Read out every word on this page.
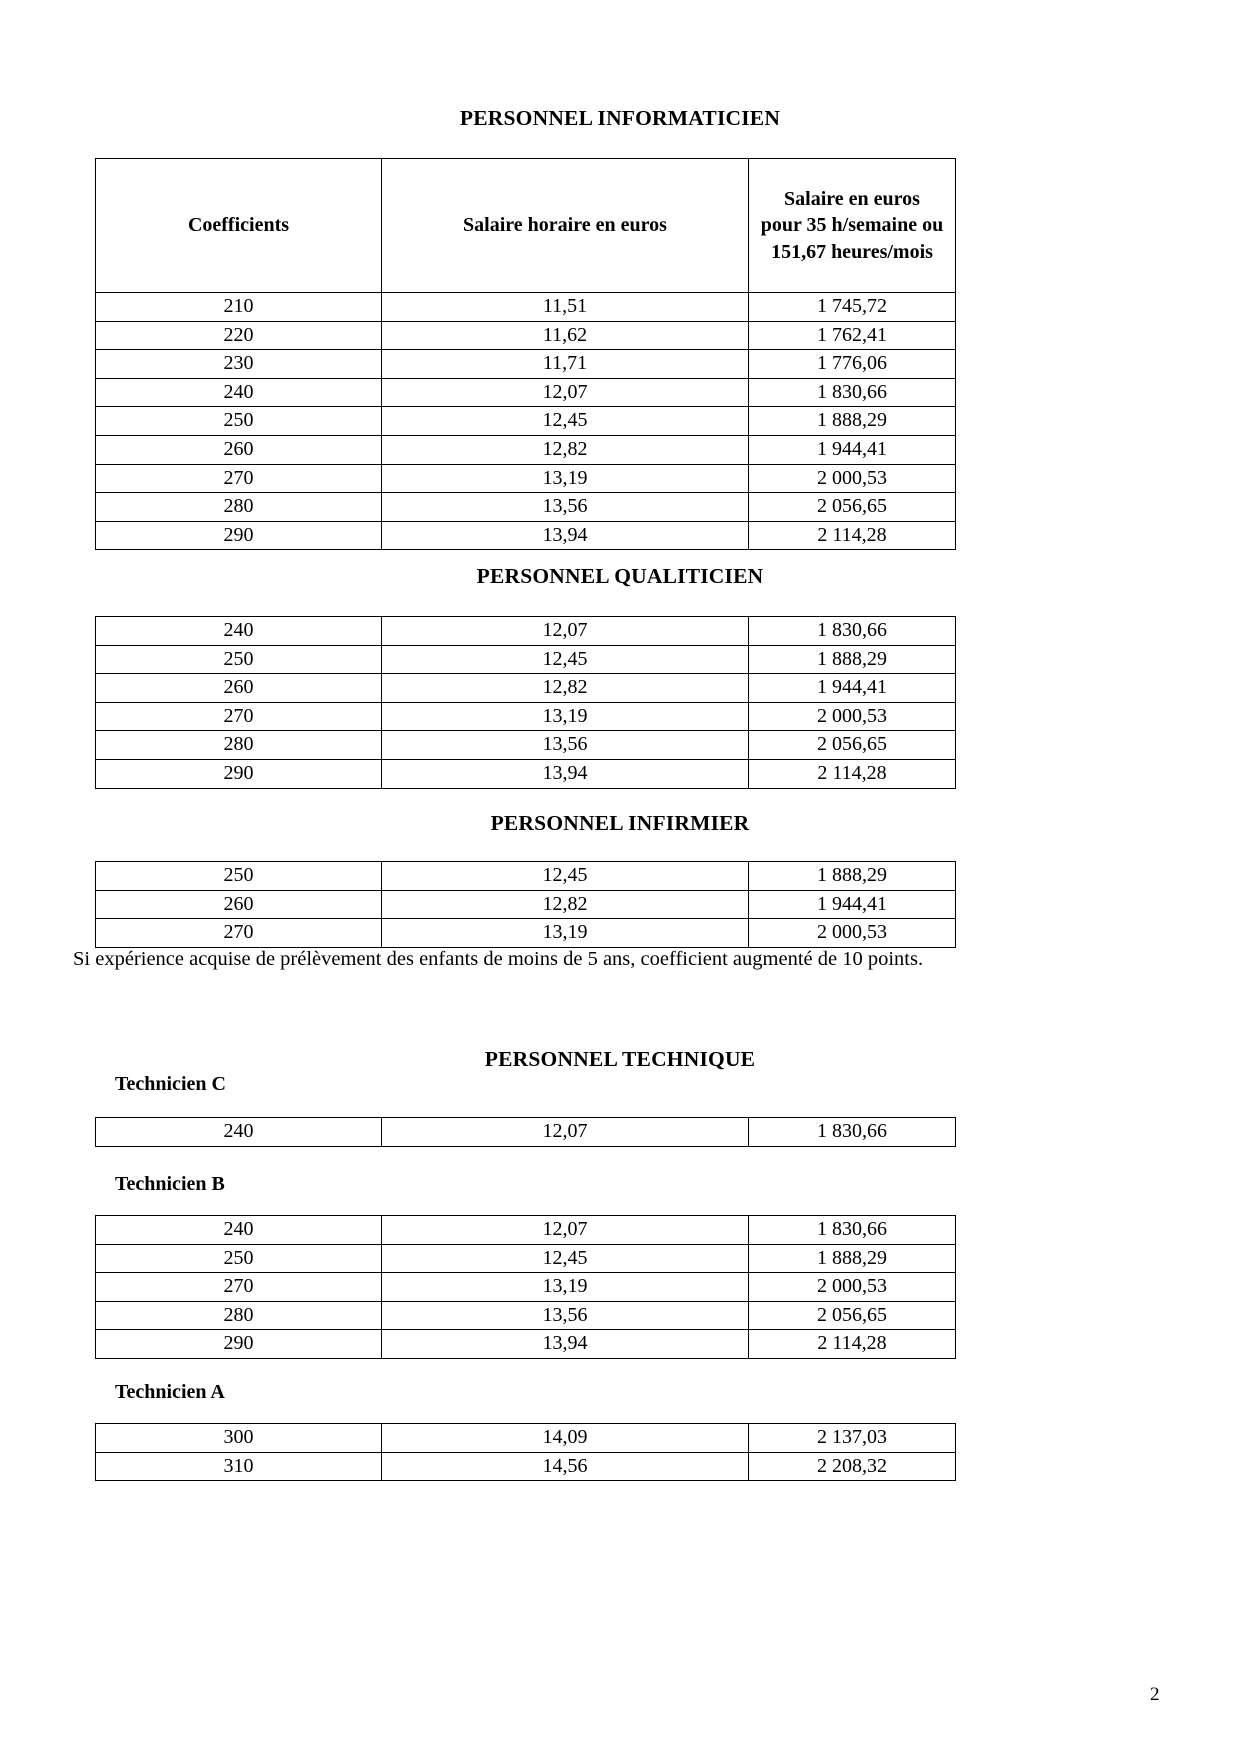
PERSONNEL INFORMATICIEN
Coefficients	Salaire horaire en euros	Salaire en euros
pour 35 h/semaine ou
151,67 heures/mois

210	11,51	1 745,72
220	11,62	1 762,41
230	11,71	1 776,06
240	12,07	1 830,66
250	12,45	1 888,29
260	12,82	1 944,41
270	13,19	2 000,53
280	13,56	2 056,65
290	13,94	2 114,28
PERSONNEL QUALITICIEN
240	12,07	1 830,66
250	12,45	1 888,29
260	12,82	1 944,41
270	13,19	2 000,53
280	13,56	2 056,65
290	13,94	2 114,28
PERSONNEL INFIRMIER
250	12,45	1 888,29
260	12,82	1 944,41
270	13,19	2 000,53
Si expérience acquise de prélèvement des enfants de moins de 5 ans, coefficient augmenté de 10 points.
PERSONNEL TECHNIQUE
Technicien C
240	12,07	1 830,66
Technicien B
240	12,07	1 830,66
250	12,45	1 888,29
270	13,19	2 000,53
280	13,56	2 056,65
290	13,94	2 114,28
Technicien A
300	14,09	2 137,03
310	14,56	2 208,32
2
